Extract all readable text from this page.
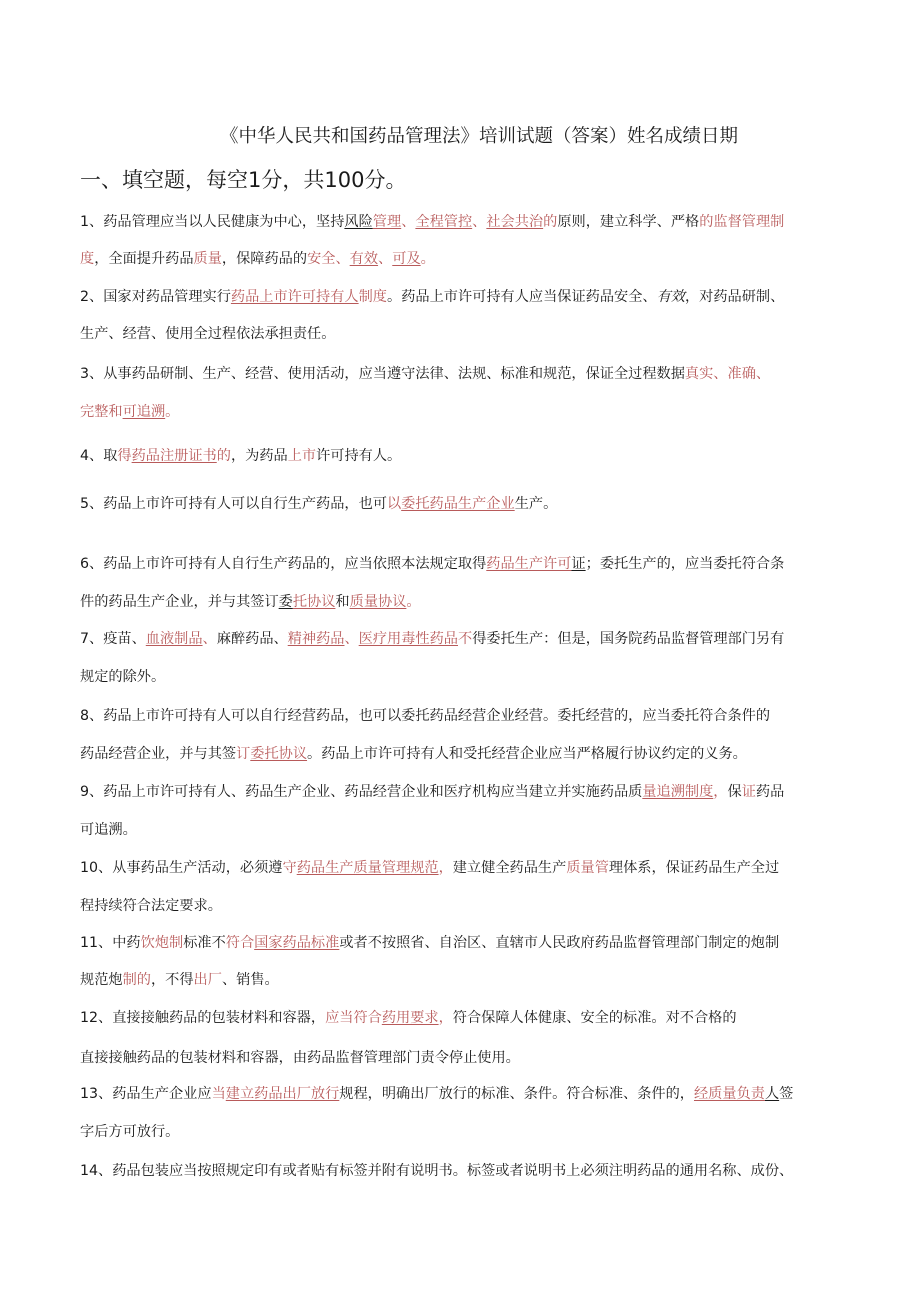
《中华人民共和国药品管理法》培训试题（答案）姓名成绩日期
一、填空题，每空1分，共100分。
1、药品管理应当以人民健康为中心，坚持风险管理、全程管控、社会共治的原则，建立科学、严格的监督管理制
度，全面提升药品质量，保障药品的安全、有效、可及。
2、国家对药品管理实行药品上市许可持有人制度。药品上市许可持有人应当保证药品安全、有效，对药品研制、
生产、经营、使用全过程依法承担责任。
3、从事药品研制、生产、经营、使用活动，应当遵守法律、法规、标准和规范，保证全过程数据真实、准确、
完整和可追溯。
4、取得药品注册证书的，为药品上市许可持有人。
5、药品上市许可持有人可以自行生产药品，也可以委托药品生产企业生产。
6、药品上市许可持有人自行生产药品的，应当依照本法规定取得药品生产许可证；委托生产的，应当委托符合条
件的药品生产企业，并与其签订委托协议和质量协议。
7、疫苗、血液制品、麻醉药品、精神药品、医疗用毒性药品不得委托生产：但是，国务院药品监督管理部门另有
规定的除外。
8、药品上市许可持有人可以自行经营药品，也可以委托药品经营企业经营。委托经营的，应当委托符合条件的
药品经营企业，并与其签订委托协议。药品上市许可持有人和受托经营企业应当严格履行协议约定的义务。
9、药品上市许可持有人、药品生产企业、药品经营企业和医疗机构应当建立并实施药品质量追溯制度，保证药品
可追溯。
10、从事药品生产活动，必须遵守药品生产质量管理规范，建立健全药品生产质量管理体系，保证药品生产全过
程持续符合法定要求。
11、中药饮炮制标准不符合国家药品标准或者不按照省、自治区、直辖市人民政府药品监督管理部门制定的炮制
规范炮制的，不得出厂、销售。
12、直接接触药品的包装材料和容器，应当符合药用要求，符合保障人体健康、安全的标准。对不合格的
直接接触药品的包装材料和容器，由药品监督管理部门责令停止使用。
13、药品生产企业应当建立药品出厂放行规程，明确出厂放行的标准、条件。符合标准、条件的，经质量负责人签
字后方可放行。
14、药品包装应当按照规定印有或者贴有标签并附有说明书。标签或者说明书上必须注明药品的通用名称、成份、
